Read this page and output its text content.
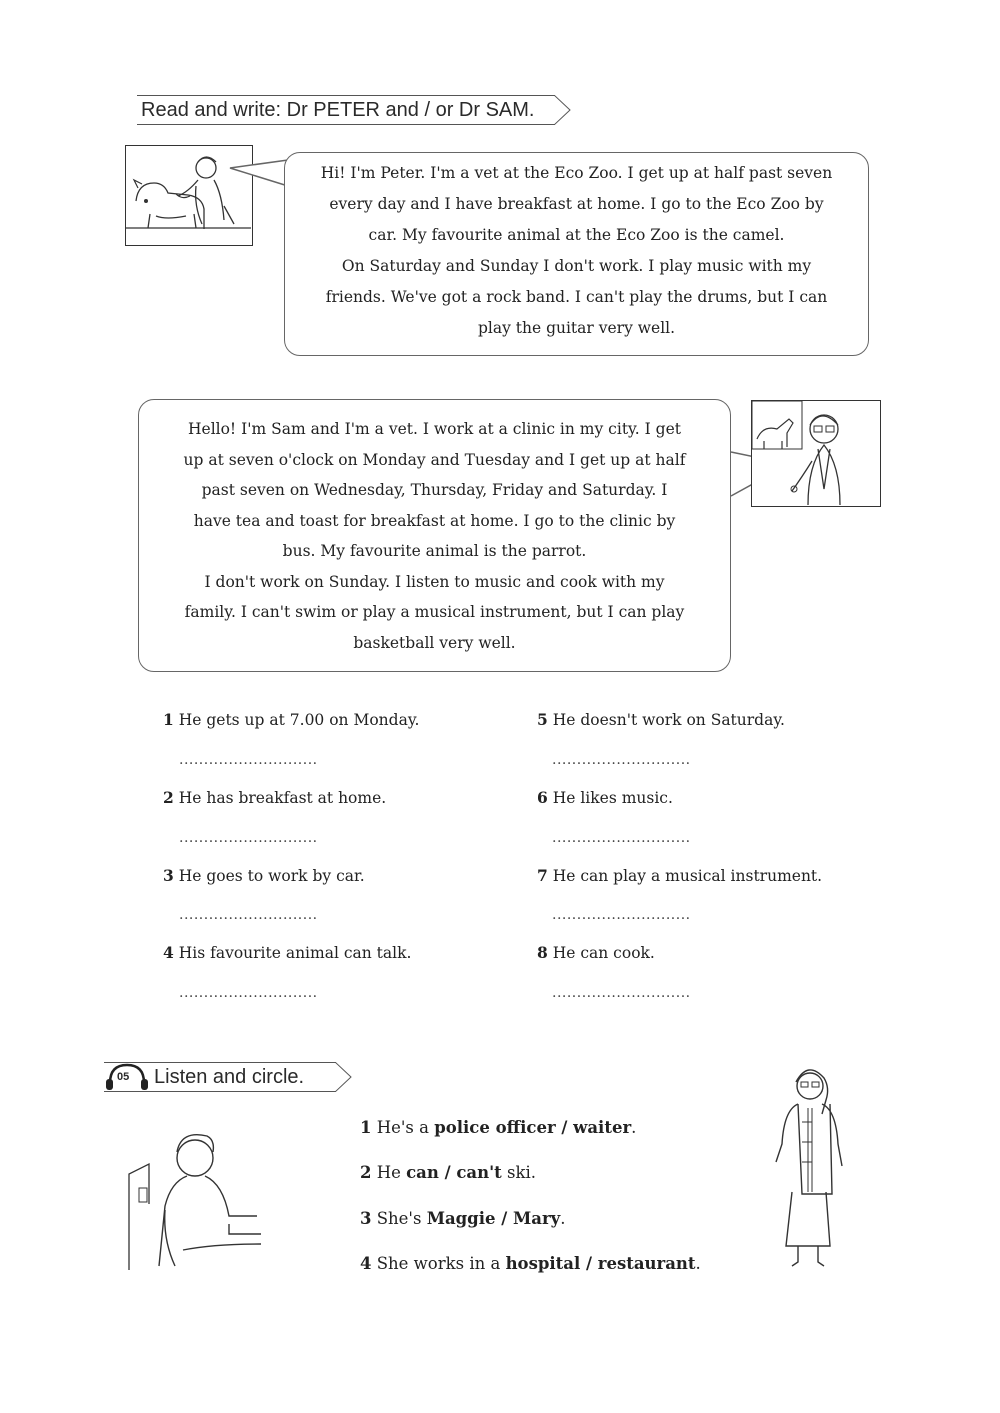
Read and write: Dr PETER and / or Dr SAM.

Hi! I'm Peter. I'm a vet at the Eco Zoo. I get up at half past seven

every day and I have breakfast at home. I go to the Eco Zoo by

car. My favourite animal at the Eco Zoo is the camel.

On Saturday and Sunday I don't work. I play music with my

friends. We've got a rock band. I can't play the drums, but I can

play the guitar very well.

Hello! I'm Sam and I'm a vet. I work at a clinic in my city. I get

up at seven o'clock on Monday and Tuesday and I get up at half

past seven on Wednesday, Thursday, Friday and Saturday. I

have tea and toast for breakfast at home. I go to the clinic by

bus. My favourite animal is the parrot.

I don't work on Sunday. I listen to music and cook with my

family. I can't swim or play a musical instrument, but I can play

basketball very well.

1 He gets up at 7.00 on Monday.
............................
2 He has breakfast at home.
............................
3 He goes to work by car.
............................
4 His favourite animal can talk.
............................
5 He doesn't work on Saturday.
............................
6 He likes music.
............................
7 He can play a musical instrument.
............................
8 He can cook.
............................
05 Listen and circle.
1 He's a police officer / waiter.
2 He can / can't ski.
3 She's Maggie / Mary.
4 She works in a hospital / restaurant.
